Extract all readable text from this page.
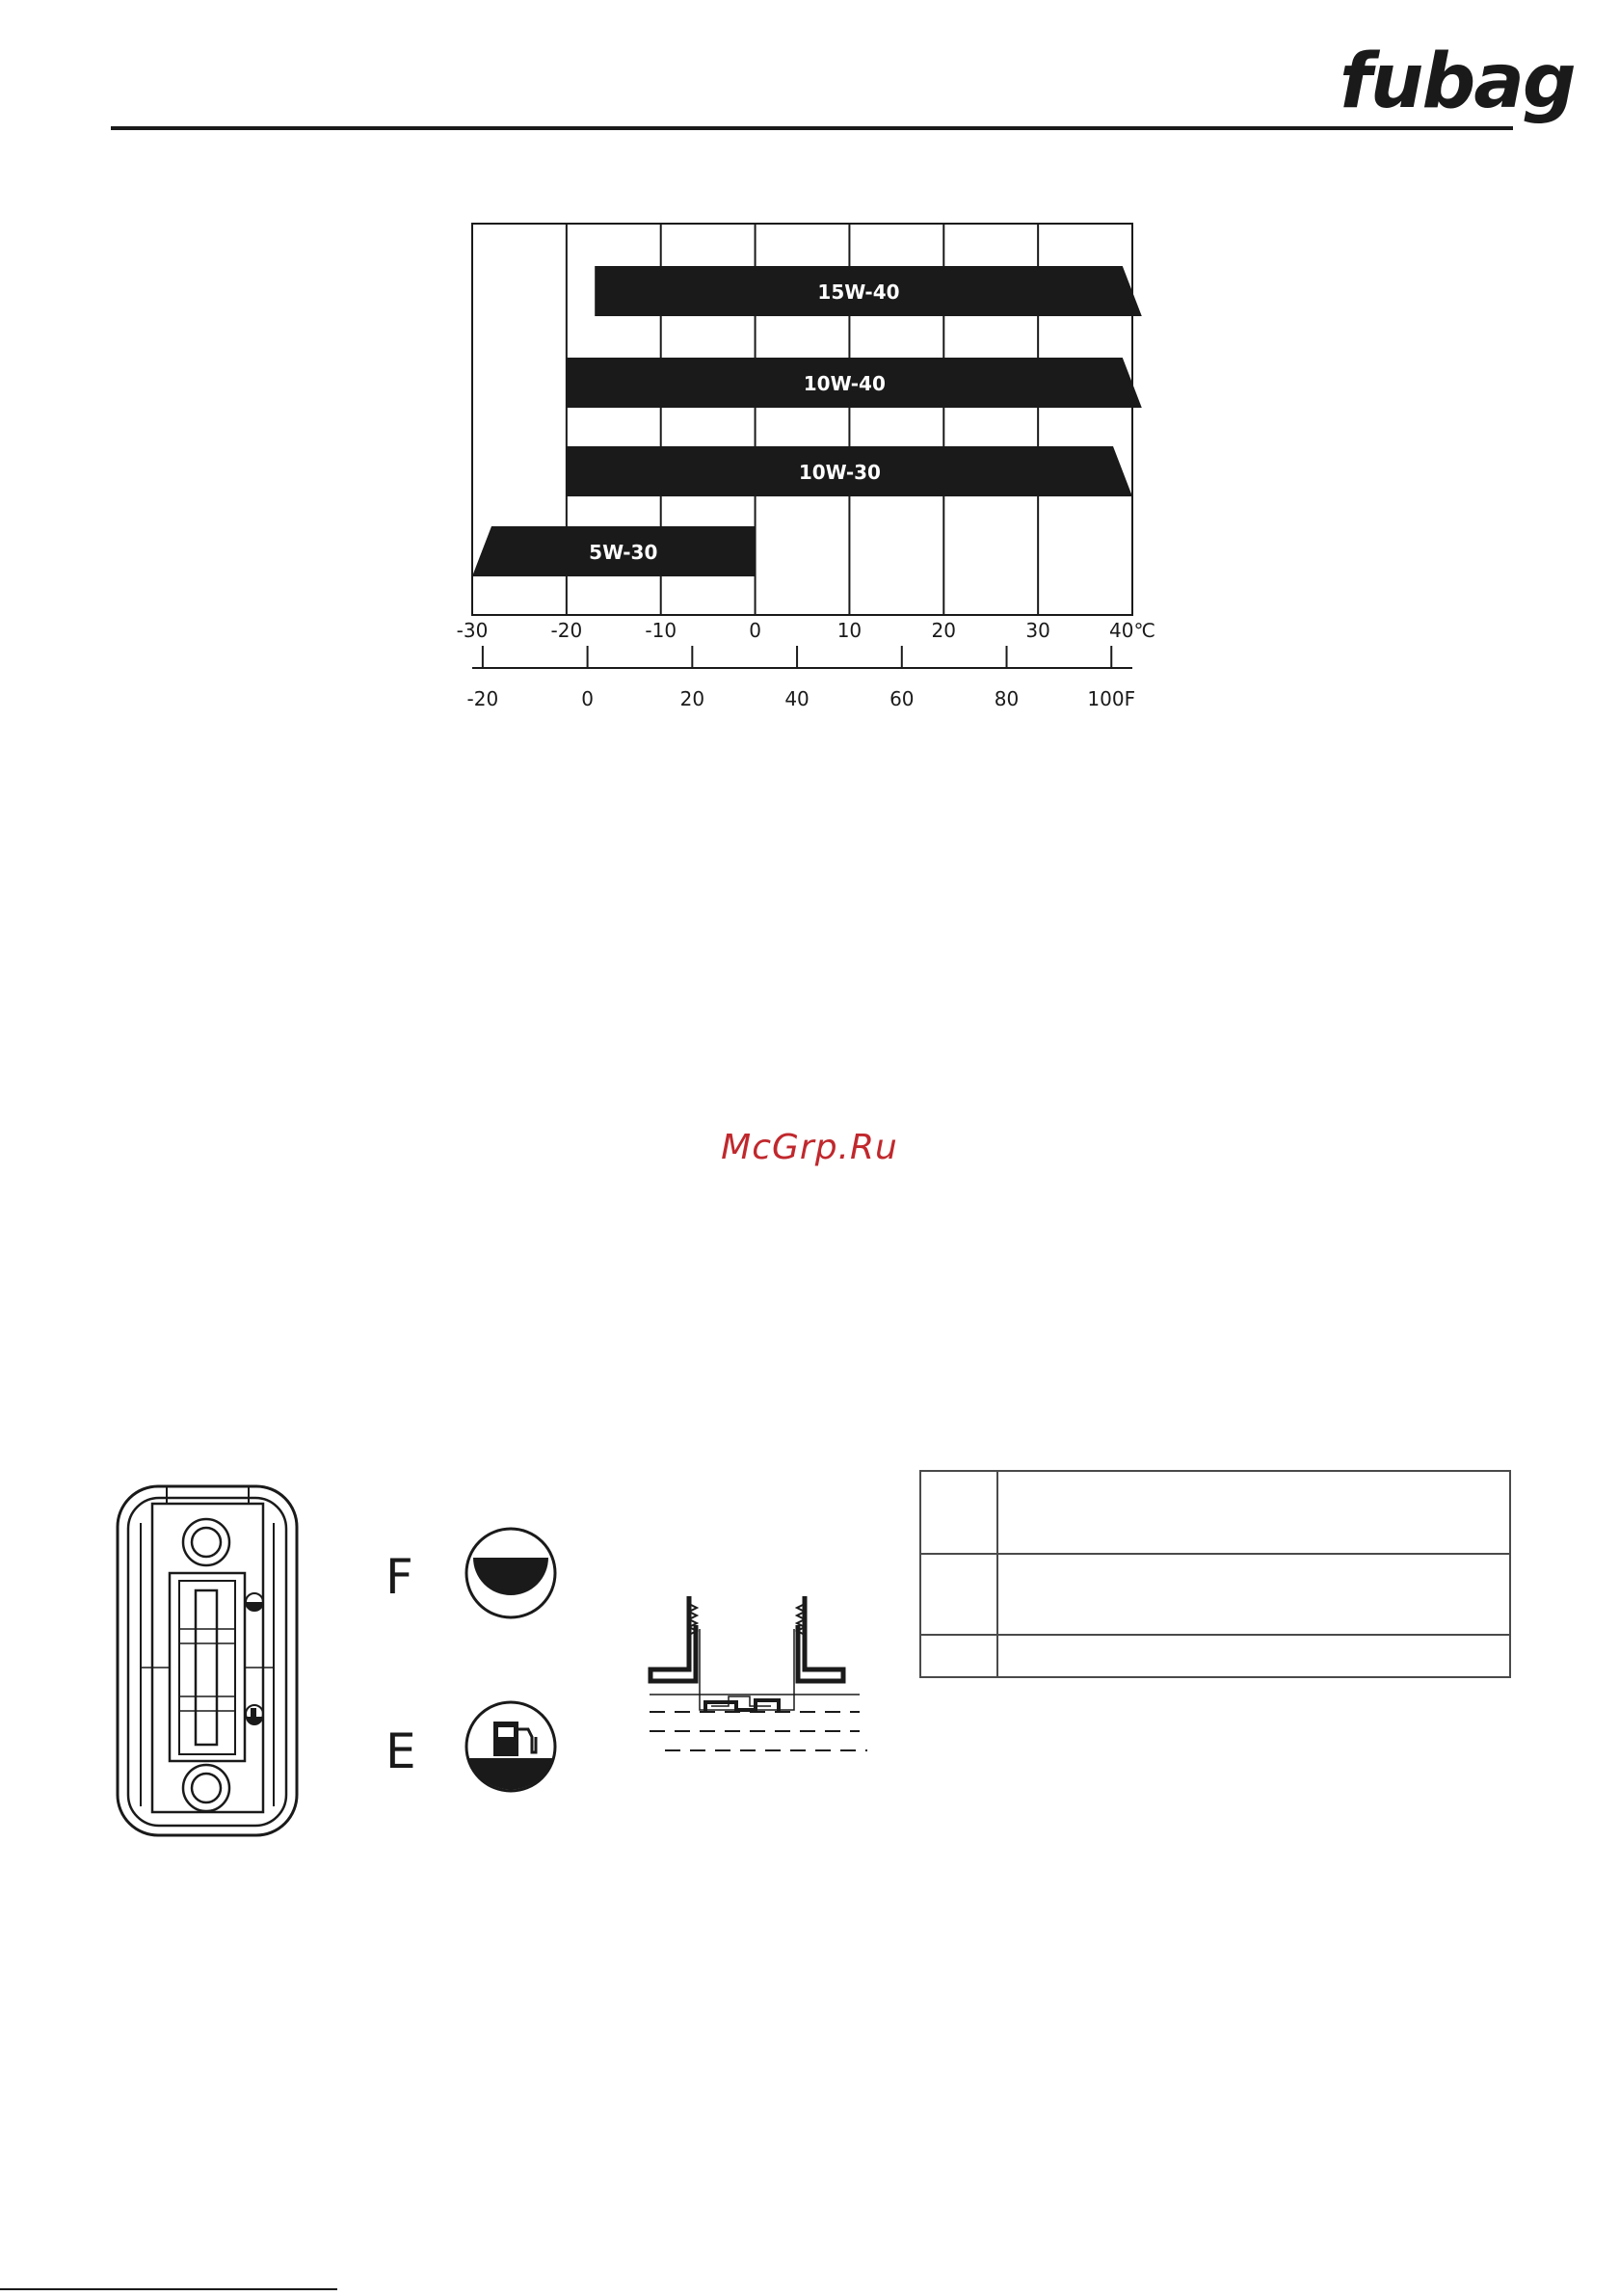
fubag
15W-40
10W-40
10W-30
5W-30
-30	-20	-10	0	10	20	30	40℃
-20	0	20	40	60	80	100F
McGrp.Ru
F
E
